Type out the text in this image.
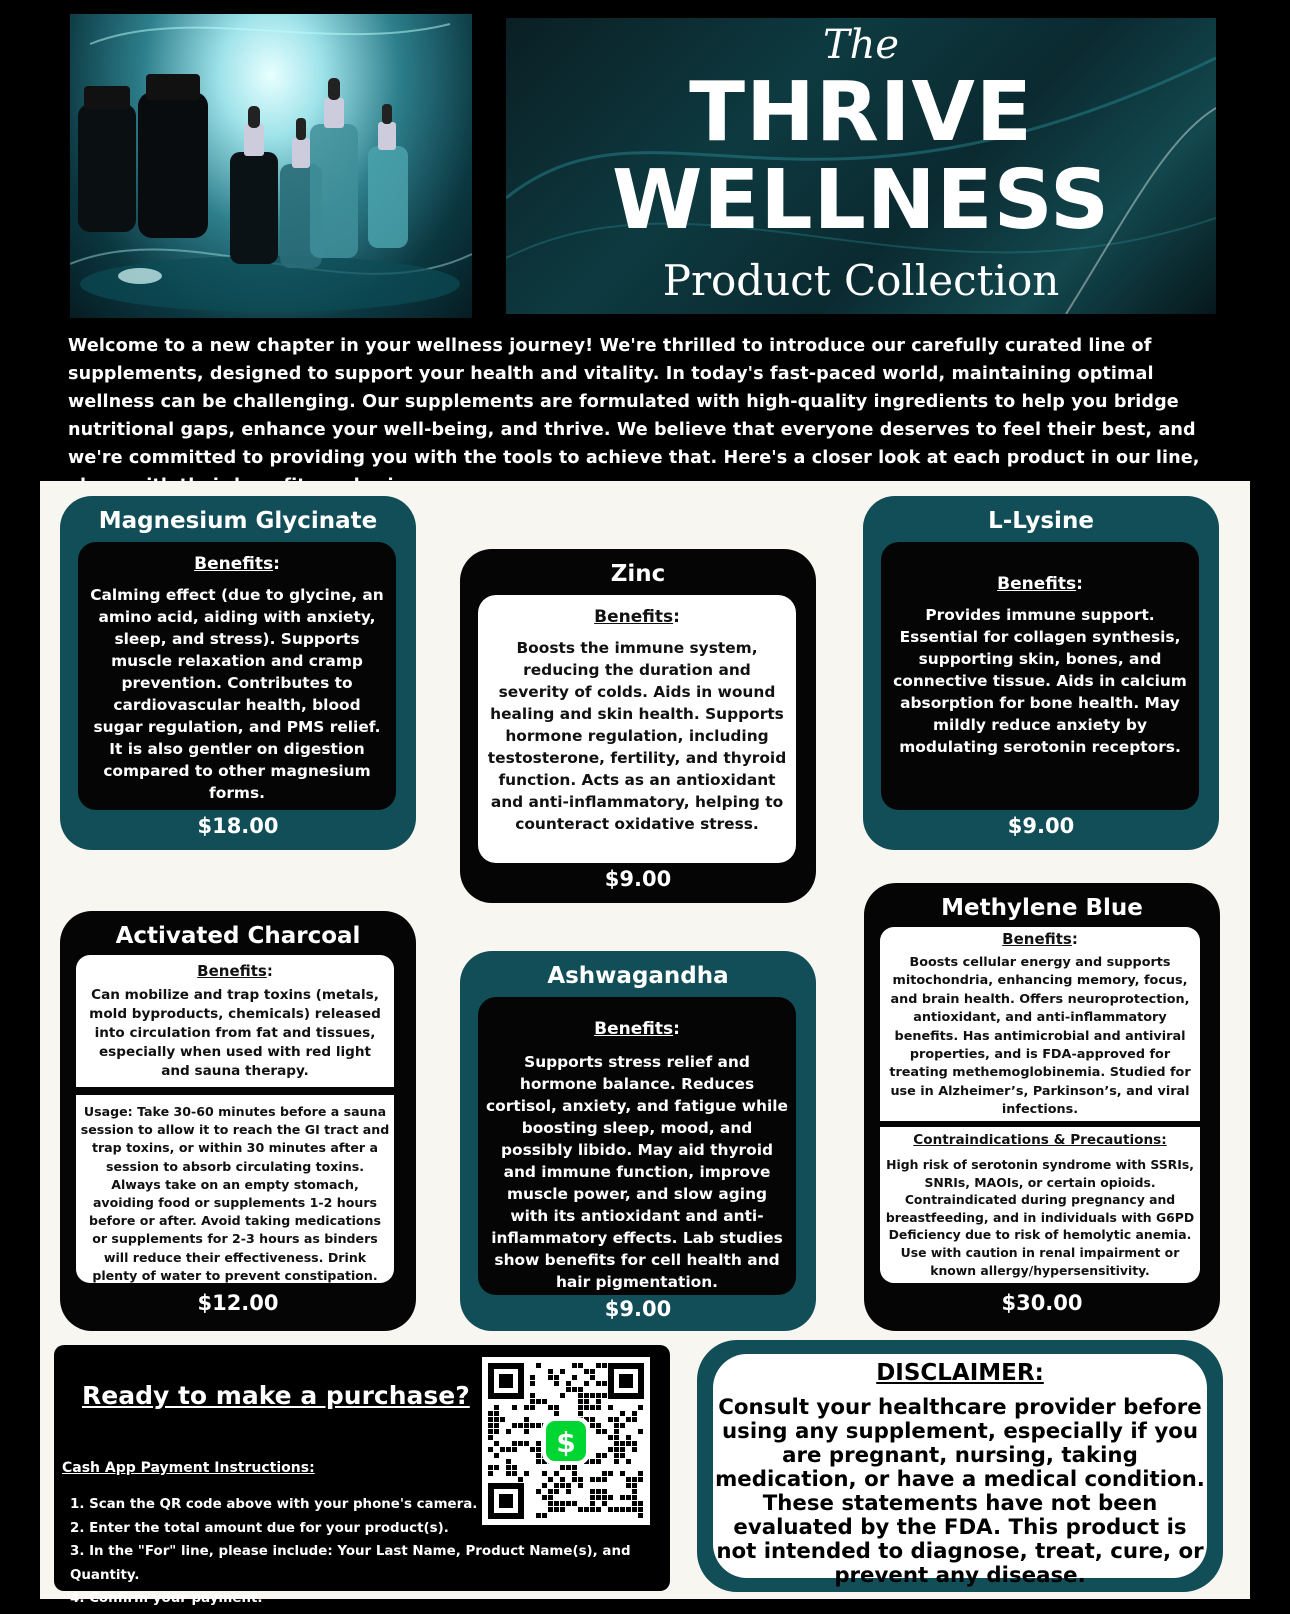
The
THRIVE
WELLNESS
Product Collection
Welcome to a new chapter in your wellness journey! We're thrilled to introduce our carefully curated line of supplements, designed to support your health and vitality. In today's fast-paced world, maintaining optimal wellness can be challenging. Our supplements are formulated with high-quality ingredients to help you bridge nutritional gaps, enhance your well-being, and thrive. We believe that everyone deserves to feel their best, and we're committed to providing you with the tools to achieve that. Here's a closer look at each product in our line,
Magnesium Glycinate
Benefits:
Calming effect (due to glycine, an amino acid, aiding with anxiety, sleep, and stress). Supports muscle relaxation and cramp prevention. Contributes to cardiovascular health, blood sugar regulation, and PMS relief. It is also gentler on digestion compared to other magnesium forms.
$18.00
Zinc
Benefits:
Boosts the immune system, reducing the duration and severity of colds. Aids in wound healing and skin health. Supports hormone regulation, including testosterone, fertility, and thyroid function. Acts as an antioxidant and anti-inflammatory, helping to counteract oxidative stress.
$9.00
L-Lysine
Benefits:
Provides immune support. Essential for collagen synthesis, supporting skin, bones, and connective tissue. Aids in calcium absorption for bone health. May mildly reduce anxiety by modulating serotonin receptors.
$9.00
Activated Charcoal
Benefits:
Can mobilize and trap toxins (metals, mold byproducts, chemicals) released into circulation from fat and tissues, especially when used with red light and sauna therapy.
Usage: Take 30-60 minutes before a sauna session to allow it to reach the GI tract and trap toxins, or within 30 minutes after a session to absorb circulating toxins. Always take on an empty stomach, avoiding food or supplements 1-2 hours before or after. Avoid taking medications or supplements for 2-3 hours as binders will reduce their effectiveness. Drink plenty of water to prevent constipation.
$12.00
Ashwagandha
Benefits:
Supports stress relief and hormone balance. Reduces cortisol, anxiety, and fatigue while boosting sleep, mood, and possibly libido. May aid thyroid and immune function, improve muscle power, and slow aging with its antioxidant and anti-inflammatory effects. Lab studies show benefits for cell health and hair pigmentation.
$9.00
Methylene Blue
Benefits:
Boosts cellular energy and supports mitochondria, enhancing memory, focus, and brain health. Offers neuroprotection, antioxidant, and anti-inflammatory benefits. Has antimicrobial and antiviral properties, and is FDA-approved for treating methemoglobinemia. Studied for use in Alzheimer’s, Parkinson’s, and viral infections.
Contraindications & Precautions:
High risk of serotonin syndrome with SSRIs, SNRIs, MAOIs, or certain opioids. Contraindicated during pregnancy and breastfeeding, and in individuals with G6PD Deficiency due to risk of hemolytic anemia. Use with caution in renal impairment or known allergy/hypersensitivity.
$30.00
Ready to make a purchase?
Cash App Payment Instructions:
1. Scan the QR code above with your phone's camera.
2. Enter the total amount due for your product(s).
3. In the "For" line, please include: Your Last Name, Product Name(s), and Quantity.
4. Confirm your payment.
$
DISCLAIMER:
Consult your healthcare provider before using any supplement, especially if you are pregnant, nursing, taking medication, or have a medical condition. These statements have not been evaluated by the FDA. This product is not intended to diagnose, treat, cure, or prevent any disease.
